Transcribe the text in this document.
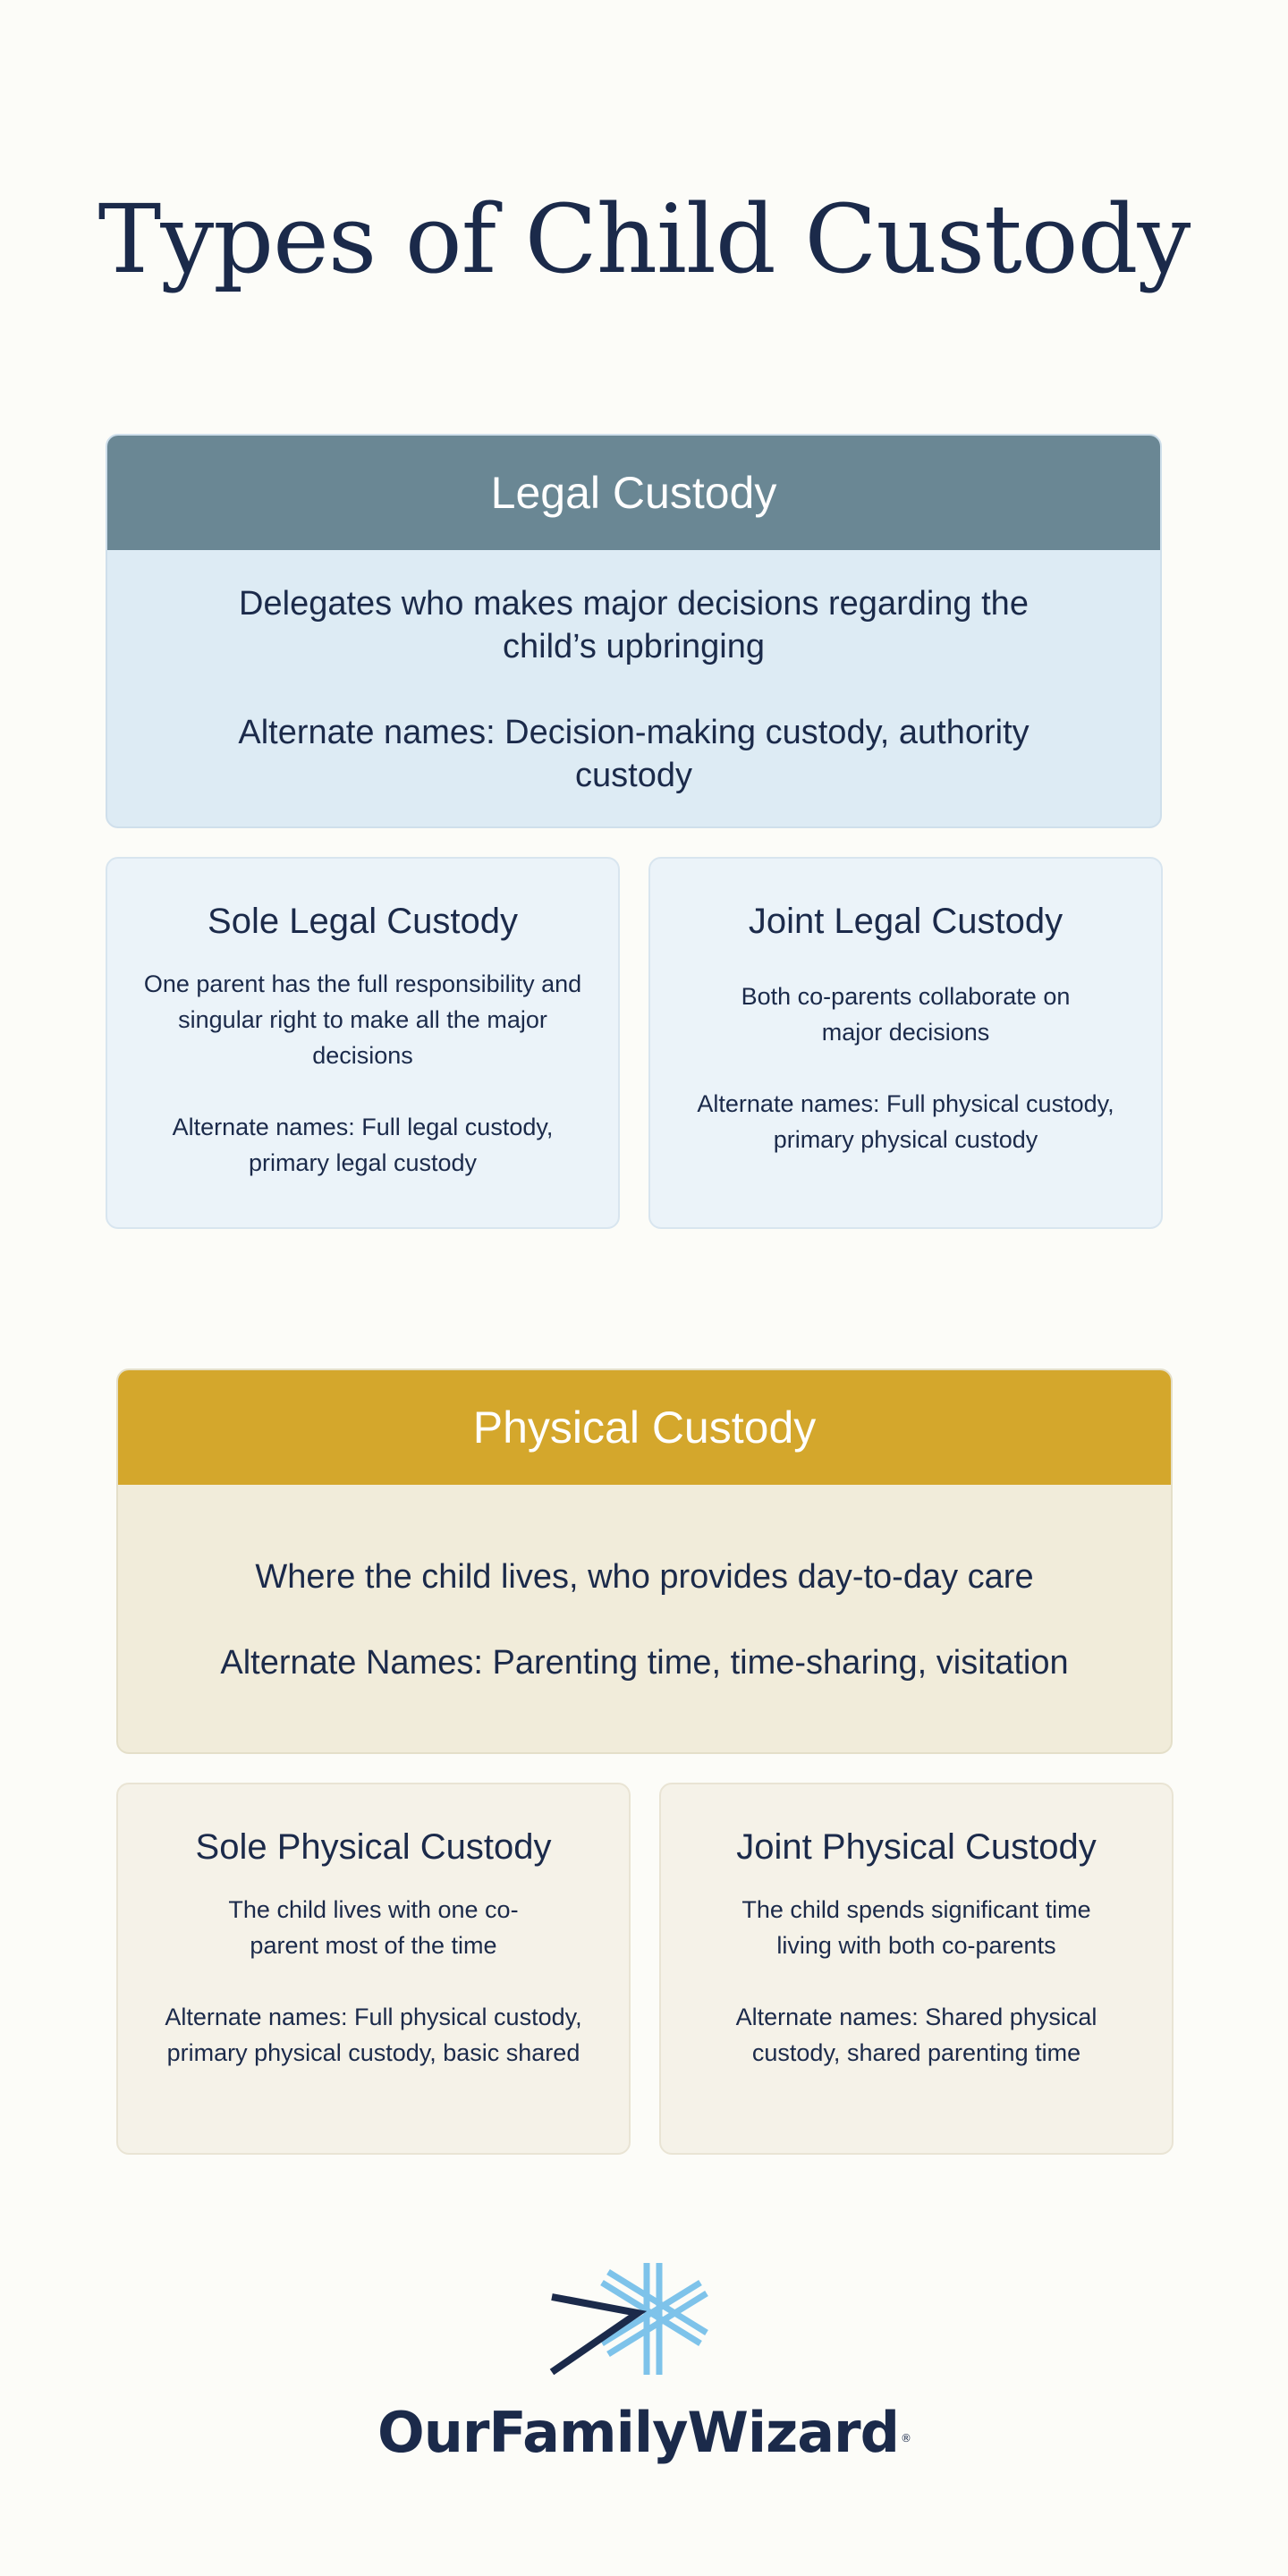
Types of Child Custody
Legal Custody

Delegates who makes major decisions regarding the child’s upbringing

Alternate names: Decision-making custody, authority custody

Sole Legal Custody

One parent has the full responsibility and singular right to make all the major decisions

Alternate names: Full legal custody, primary legal custody

Joint Legal Custody

Both co-parents collaborate on major decisions

Alternate names: Full physical custody, primary physical custody

Physical Custody

Where the child lives, who provides day-to-day care

Alternate Names: Parenting time, time-sharing, visitation

Sole Physical Custody

The child lives with one co-parent most of the time

Alternate names: Full physical custody, primary physical custody, basic shared

Joint Physical Custody

The child spends significant time living with both co-parents

Alternate names: Shared physical custody, shared parenting time

OurFamilyWizard ®
